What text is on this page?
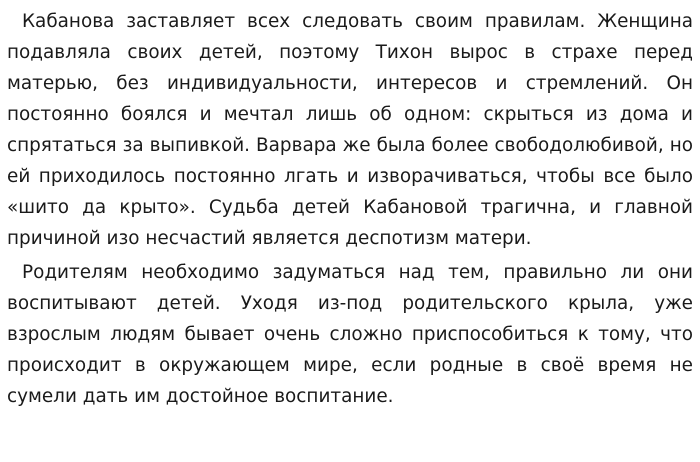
Кабанова заставляет всех следовать своим правилам. Женщина подавляла своих детей, поэтому Тихон вырос в страхе перед матерью, без индивидуальности, интересов и стремлений. Он постоянно боялся и мечтал лишь об одном: скрыться из дома и спрятаться за выпивкой. Варвара же была более свободолюбивой, но ей приходилось постоянно лгать и изворачиваться, чтобы все было «шито да крыто». Судьба детей Кабановой трагична, и главной причиной изо несчастий является деспотизм матери.

Родителям необходимо задуматься над тем, правильно ли они воспитывают детей. Уходя из-под родительского крыла, уже взрослым людям бывает очень сложно приспособиться к тому, что происходит в окружающем мире, если родные в своё время не сумели дать им достойное воспитание.
